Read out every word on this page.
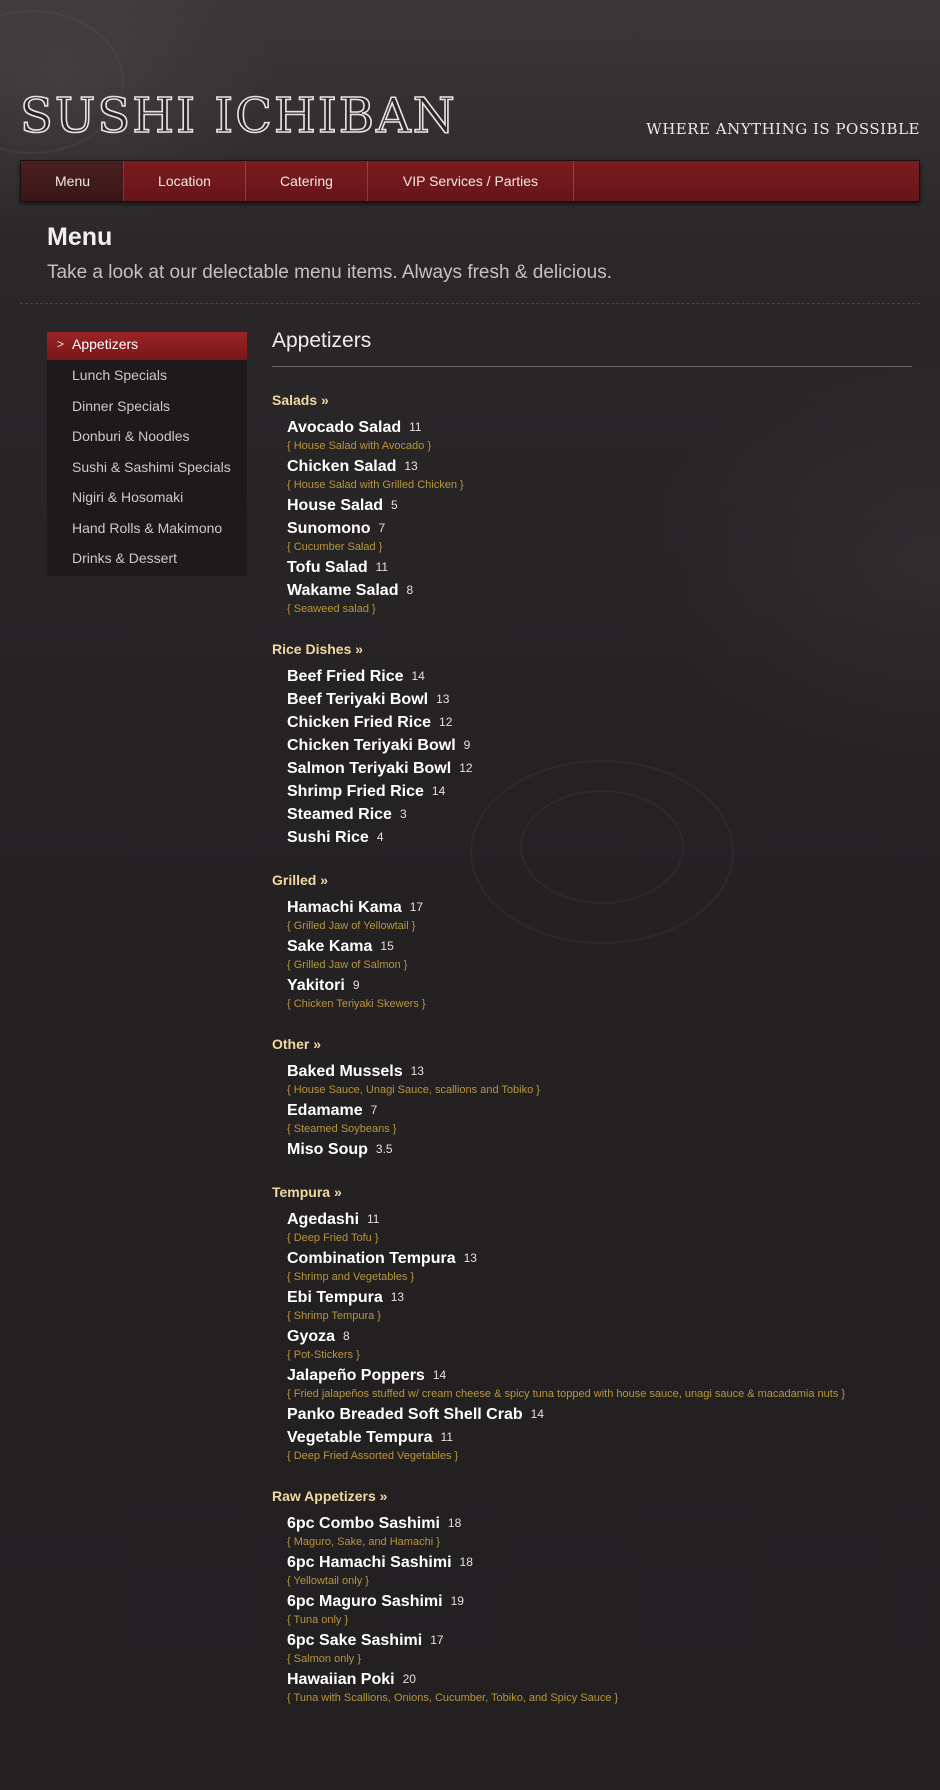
SUSHI ICHIBAN	WHERE ANYTHING IS POSSIBLE
Menu	Location	Catering	VIP Services / Parties
Menu

Take a look at our delectable menu items. Always fresh & delicious.

> Appetizers
Lunch Specials
Dinner Specials
Donburi & Noodles
Sushi & Sashimi Specials
Nigiri & Hosomaki
Hand Rolls & Makimono
Drinks & Dessert
Appetizers
Salads »
Avocado Salad 11
{ House Salad with Avocado }
Chicken Salad 13
{ House Salad with Grilled Chicken }
House Salad 5
Sunomono 7
{ Cucumber Salad }
Tofu Salad 11
Wakame Salad 8
{ Seaweed salad }
Rice Dishes »
Beef Fried Rice 14
Beef Teriyaki Bowl 13
Chicken Fried Rice 12
Chicken Teriyaki Bowl 9
Salmon Teriyaki Bowl 12
Shrimp Fried Rice 14
Steamed Rice 3
Sushi Rice 4
Grilled »
Hamachi Kama 17
{ Grilled Jaw of Yellowtail }
Sake Kama 15
{ Grilled Jaw of Salmon }
Yakitori 9
{ Chicken Teriyaki Skewers }
Other »
Baked Mussels 13
{ House Sauce, Unagi Sauce, scallions and Tobiko }
Edamame 7
{ Steamed Soybeans }
Miso Soup 3.5
Tempura »
Agedashi 11
{ Deep Fried Tofu }
Combination Tempura 13
{ Shrimp and Vegetables }
Ebi Tempura 13
{ Shrimp Tempura }
Gyoza 8
{ Pot-Stickers }
Jalapeño Poppers 14
{ Fried jalapeños stuffed w/ cream cheese & spicy tuna topped with house sauce, unagi sauce & macadamia nuts }
Panko Breaded Soft Shell Crab 14
Vegetable Tempura 11
{ Deep Fried Assorted Vegetables }
Raw Appetizers »
6pc Combo Sashimi 18
{ Maguro, Sake, and Hamachi }
6pc Hamachi Sashimi 18
{ Yellowtail only }
6pc Maguro Sashimi 19
{ Tuna only }
6pc Sake Sashimi 17
{ Salmon only }
Hawaiian Poki 20
{ Tuna with Scallions, Onions, Cucumber, Tobiko, and Spicy Sauce }
